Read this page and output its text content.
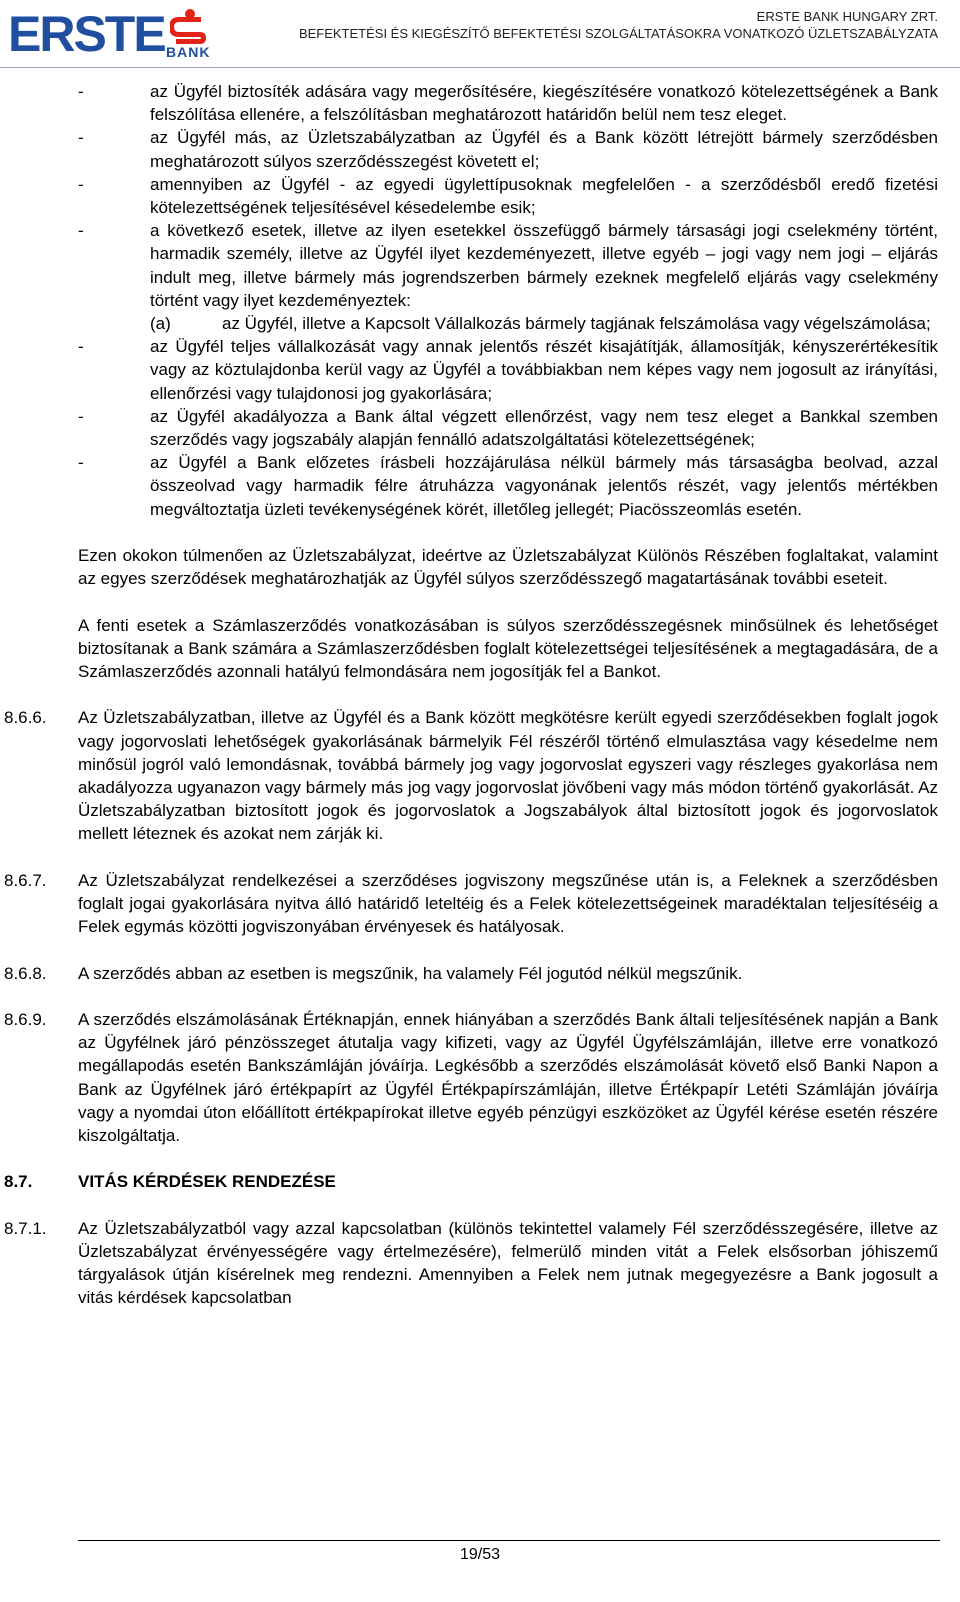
ERSTE BANK
ERSTE BANK HUNGARY ZRT.
BEFEKTETÉSI ÉS KIEGÉSZÍTŐ BEFEKTETÉSI SZOLGÁLTATÁSOKRA VONATKOZÓ ÜZLETSZABÁLYZATA
-	az Ügyfél biztosíték adására vagy megerősítésére, kiegészítésére vonatkozó kötelezettségének a Bank felszólítása ellenére, a felszólításban meghatározott határidőn belül nem tesz eleget.
-	az Ügyfél más, az Üzletszabályzatban az Ügyfél és a Bank között létrejött bármely szerződésben meghatározott súlyos szerződésszegést követett el;
-	amennyiben az Ügyfél - az egyedi ügylettípusoknak megfelelően - a szerződésből eredő fizetési kötelezettségének teljesítésével késedelembe esik;
-	a következő esetek, illetve az ilyen esetekkel összefüggő bármely társasági jogi cselekmény történt, harmadik személy, illetve az Ügyfél ilyet kezdeményezett, illetve egyéb – jogi vagy nem jogi – eljárás indult meg, illetve bármely más jogrendszerben bármely ezeknek megfelelő eljárás vagy cselekmény történt vagy ilyet kezdeményeztek:
(a)	az Ügyfél, illetve a Kapcsolt Vállalkozás bármely tagjának felszámolása vagy végelszámolása;
-	az Ügyfél teljes vállalkozását vagy annak jelentős részét kisajátítják, államosítják, kényszerértékesítik vagy az köztulajdonba kerül vagy az Ügyfél a továbbiakban nem képes vagy nem jogosult az irányítási, ellenőrzési vagy tulajdonosi jog gyakorlására;
-	az Ügyfél akadályozza a Bank által végzett ellenőrzést, vagy nem tesz eleget a Bankkal szemben szerződés vagy jogszabály alapján fennálló adatszolgáltatási kötelezettségének;
-	az Ügyfél a Bank előzetes írásbeli hozzájárulása nélkül bármely más társaságba beolvad, azzal összeolvad vagy harmadik félre átruházza vagyonának jelentős részét, vagy jelentős mértékben megváltoztatja üzleti tevékenységének körét, illetőleg jellegét; Piacösszeomlás esetén.
Ezen okokon túlmenően az Üzletszabályzat, ideértve az Üzletszabályzat Különös Részében foglaltakat, valamint az egyes szerződések meghatározhatják az Ügyfél súlyos szerződésszegő magatartásának további eseteit.
A fenti esetek a Számlaszerződés vonatkozásában is súlyos szerződésszegésnek minősülnek és lehetőséget biztosítanak a Bank számára a Számlaszerződésben foglalt kötelezettségei teljesítésének a megtagadására, de a Számlaszerződés azonnali hatályú felmondására nem jogosítják fel a Bankot.
8.6.6. Az Üzletszabályzatban, illetve az Ügyfél és a Bank között megkötésre került egyedi szerződésekben foglalt jogok vagy jogorvoslati lehetőségek gyakorlásának bármelyik Fél részéről történő elmulasztása vagy késedelme nem minősül jogról való lemondásnak, továbbá bármely jog vagy jogorvoslat egyszeri vagy részleges gyakorlása nem akadályozza ugyanazon vagy bármely más jog vagy jogorvoslat jövőbeni vagy más módon történő gyakorlását. Az Üzletszabályzatban biztosított jogok és jogorvoslatok a Jogszabályok által biztosított jogok és jogorvoslatok mellett léteznek és azokat nem zárják ki.
8.6.7. Az Üzletszabályzat rendelkezései a szerződéses jogviszony megszűnése után is, a Feleknek a szerződésben foglalt jogai gyakorlására nyitva álló határidő leteltéig és a Felek kötelezettségeinek maradéktalan teljesítéséig a Felek egymás közötti jogviszonyában érvényesek és hatályosak.
8.6.8. A szerződés abban az esetben is megszűnik, ha valamely Fél jogutód nélkül megszűnik.
8.6.9. A szerződés elszámolásának Értéknapján, ennek hiányában a szerződés Bank általi teljesítésének napján a Bank az Ügyfélnek járó pénzösszeget átutalja vagy kifizeti, vagy az Ügyfél Ügyfélszámláján, illetve erre vonatkozó megállapodás esetén Bankszámláján jóváírja. Legkésőbb a szerződés elszámolását követő első Banki Napon a Bank az Ügyfélnek járó értékpapírt az Ügyfél Értékpapírszámláján, illetve Értékpapír Letéti Számláján jóváírja vagy a nyomdai úton előállított értékpapírokat illetve egyéb pénzügyi eszközöket az Ügyfél kérése esetén részére kiszolgáltatja.
8.7.	VITÁS KÉRDÉSEK RENDEZÉSE
8.7.1. Az Üzletszabályzatból vagy azzal kapcsolatban (különös tekintettel valamely Fél szerződésszegésére, illetve az Üzletszabályzat érvényességére vagy értelmezésére), felmerülő minden vitát a Felek elsősorban jóhiszemű tárgyalások útján kísérelnek meg rendezni. Amennyiben a Felek nem jutnak megegyezésre a Bank jogosult a vitás kérdések kapcsolatban
19/53
